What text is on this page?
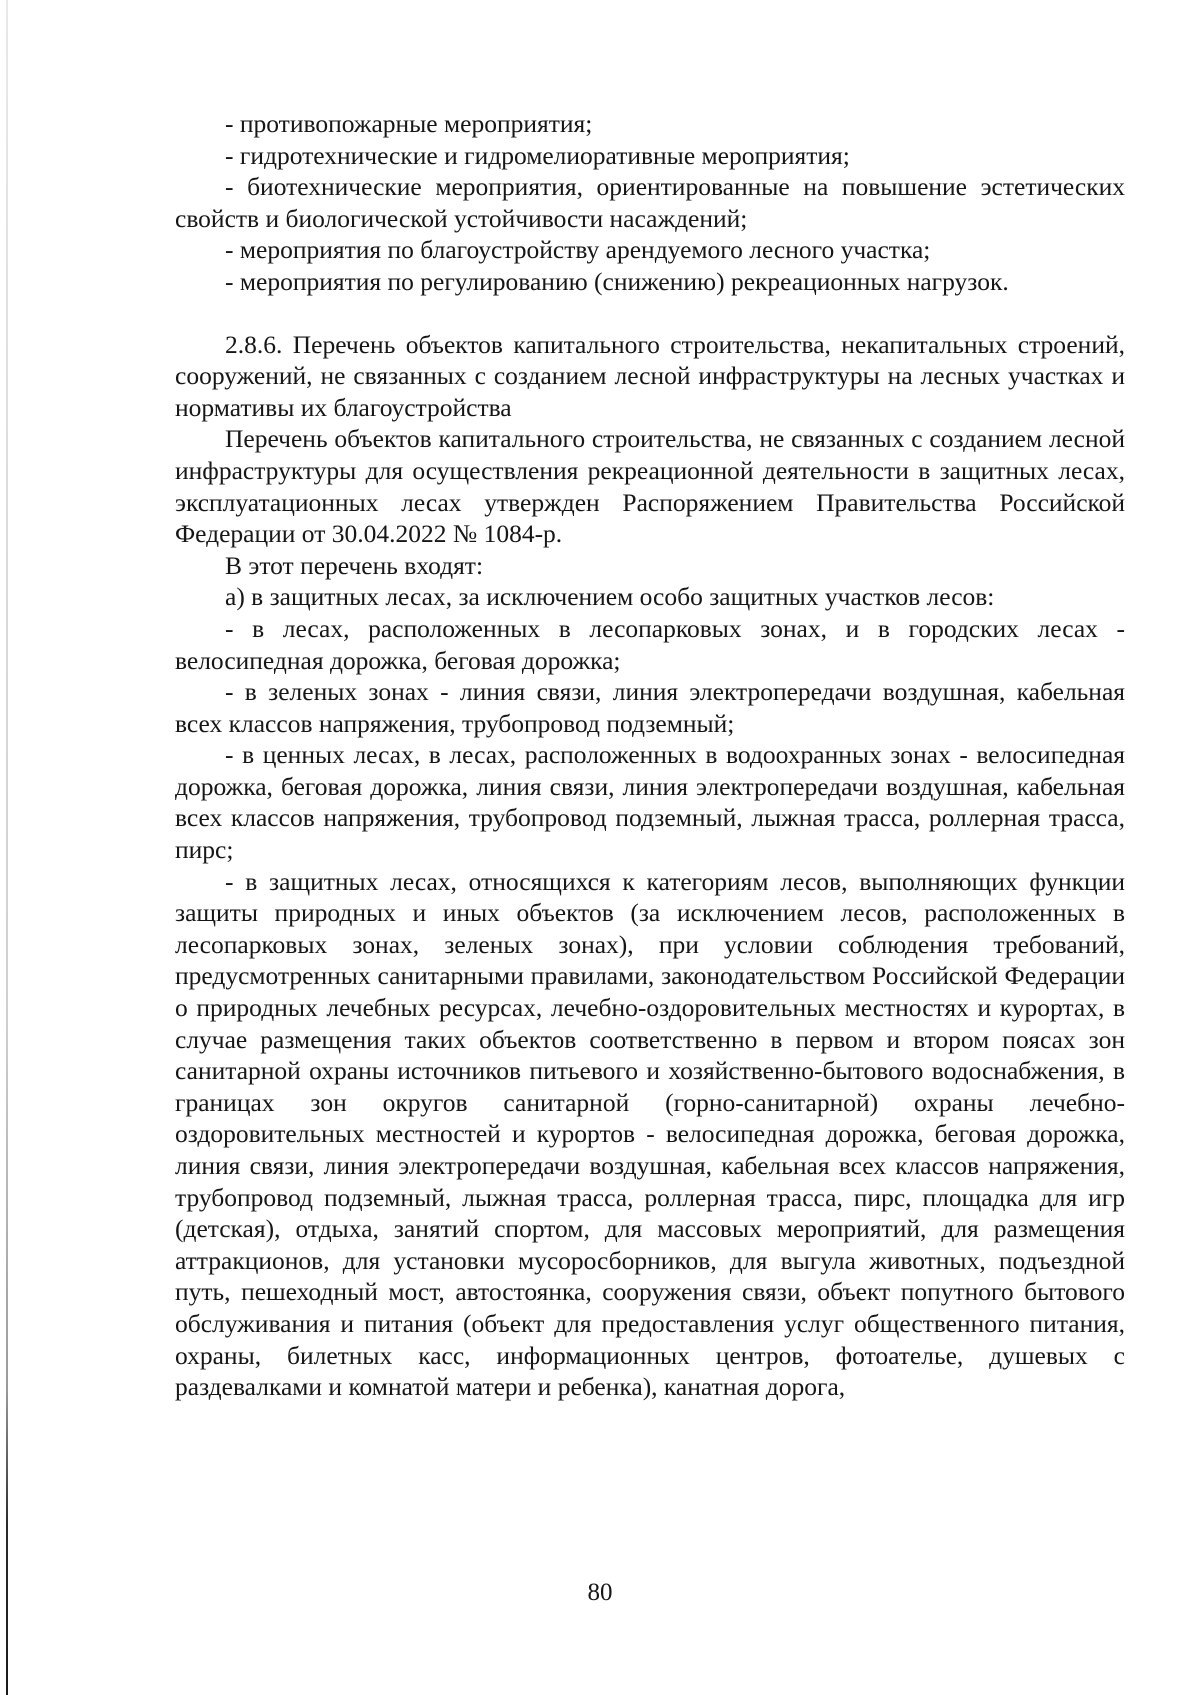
- противопожарные мероприятия;

- гидротехнические и гидромелиоративные мероприятия;

- биотехнические мероприятия, ориентированные на повышение эстетических свойств и биологической устойчивости насаждений;

- мероприятия по благоустройству арендуемого лесного участка;

- мероприятия по регулированию (снижению) рекреационных нагрузок.

2.8.6. Перечень объектов капитального строительства, некапитальных строений, сооружений, не связанных с созданием лесной инфраструктуры на лесных участках и нормативы их благоустройства

Перечень объектов капитального строительства, не связанных с созданием лесной инфраструктуры для осуществления рекреационной деятельности в защитных лесах, эксплуатационных лесах утвержден Распоряжением Правительства Российской Федерации от 30.04.2022 № 1084-р.

В этот перечень входят:

а) в защитных лесах, за исключением особо защитных участков лесов:

- в лесах, расположенных в лесопарковых зонах, и в городских лесах - велосипедная дорожка, беговая дорожка;

- в зеленых зонах - линия связи, линия электропередачи воздушная, кабельная всех классов напряжения, трубопровод подземный;

- в ценных лесах, в лесах, расположенных в водоохранных зонах - велосипедная дорожка, беговая дорожка, линия связи, линия электропередачи воздушная, кабельная всех классов напряжения, трубопровод подземный, лыжная трасса, роллерная трасса, пирс;

- в защитных лесах, относящихся к категориям лесов, выполняющих функции защиты природных и иных объектов (за исключением лесов, расположенных в лесопарковых зонах, зеленых зонах), при условии соблюдения требований, предусмотренных санитарными правилами, законодательством Российской Федерации о природных лечебных ресурсах, лечебно-оздоровительных местностях и курортах, в случае размещения таких объектов соответственно в первом и втором поясах зон санитарной охраны источников питьевого и хозяйственно-бытового водоснабжения, в границах зон округов санитарной (горно-санитарной) охраны лечебно-оздоровительных местностей и курортов - велосипедная дорожка, беговая дорожка, линия связи, линия электропередачи воздушная, кабельная всех классов напряжения, трубопровод подземный, лыжная трасса, роллерная трасса, пирс, площадка для игр (детская), отдыха, занятий спортом, для массовых мероприятий, для размещения аттракционов, для установки мусоросборников, для выгула животных, подъездной путь, пешеходный мост, автостоянка, сооружения связи, объект попутного бытового обслуживания и питания (объект для предоставления услуг общественного питания, охраны, билетных касс, информационных центров, фотоателье, душевых с раздевалками и комнатой матери и ребенка), канатная дорога,

80
